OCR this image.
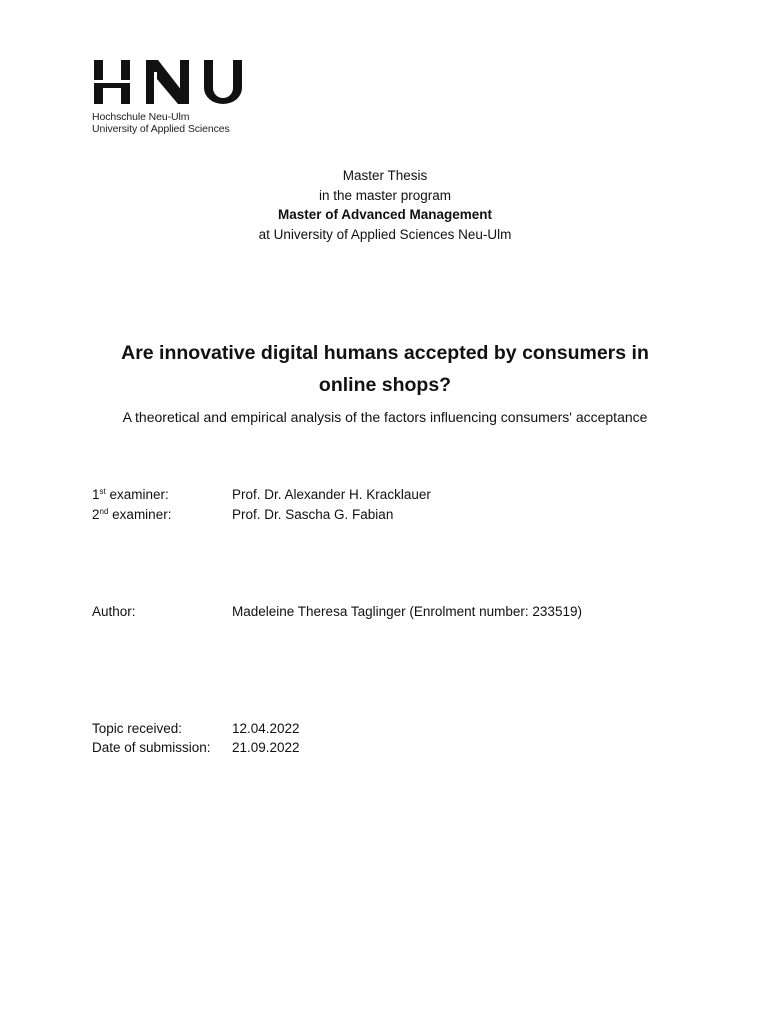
Hochschule Neu-Ulm
University of Applied Sciences
Master Thesis
in the master program
Master of Advanced Management
at University of Applied Sciences Neu-Ulm
Are innovative digital humans accepted by consumers in
online shops?
A theoretical and empirical analysis of the factors influencing consumers' acceptance
1st examiner:	Prof. Dr. Alexander H. Kracklauer
2nd examiner:	Prof. Dr. Sascha G. Fabian
Author:	Madeleine Theresa Taglinger (Enrolment number: 233519)
Topic received:	12.04.2022
Date of submission: 21.09.2022
